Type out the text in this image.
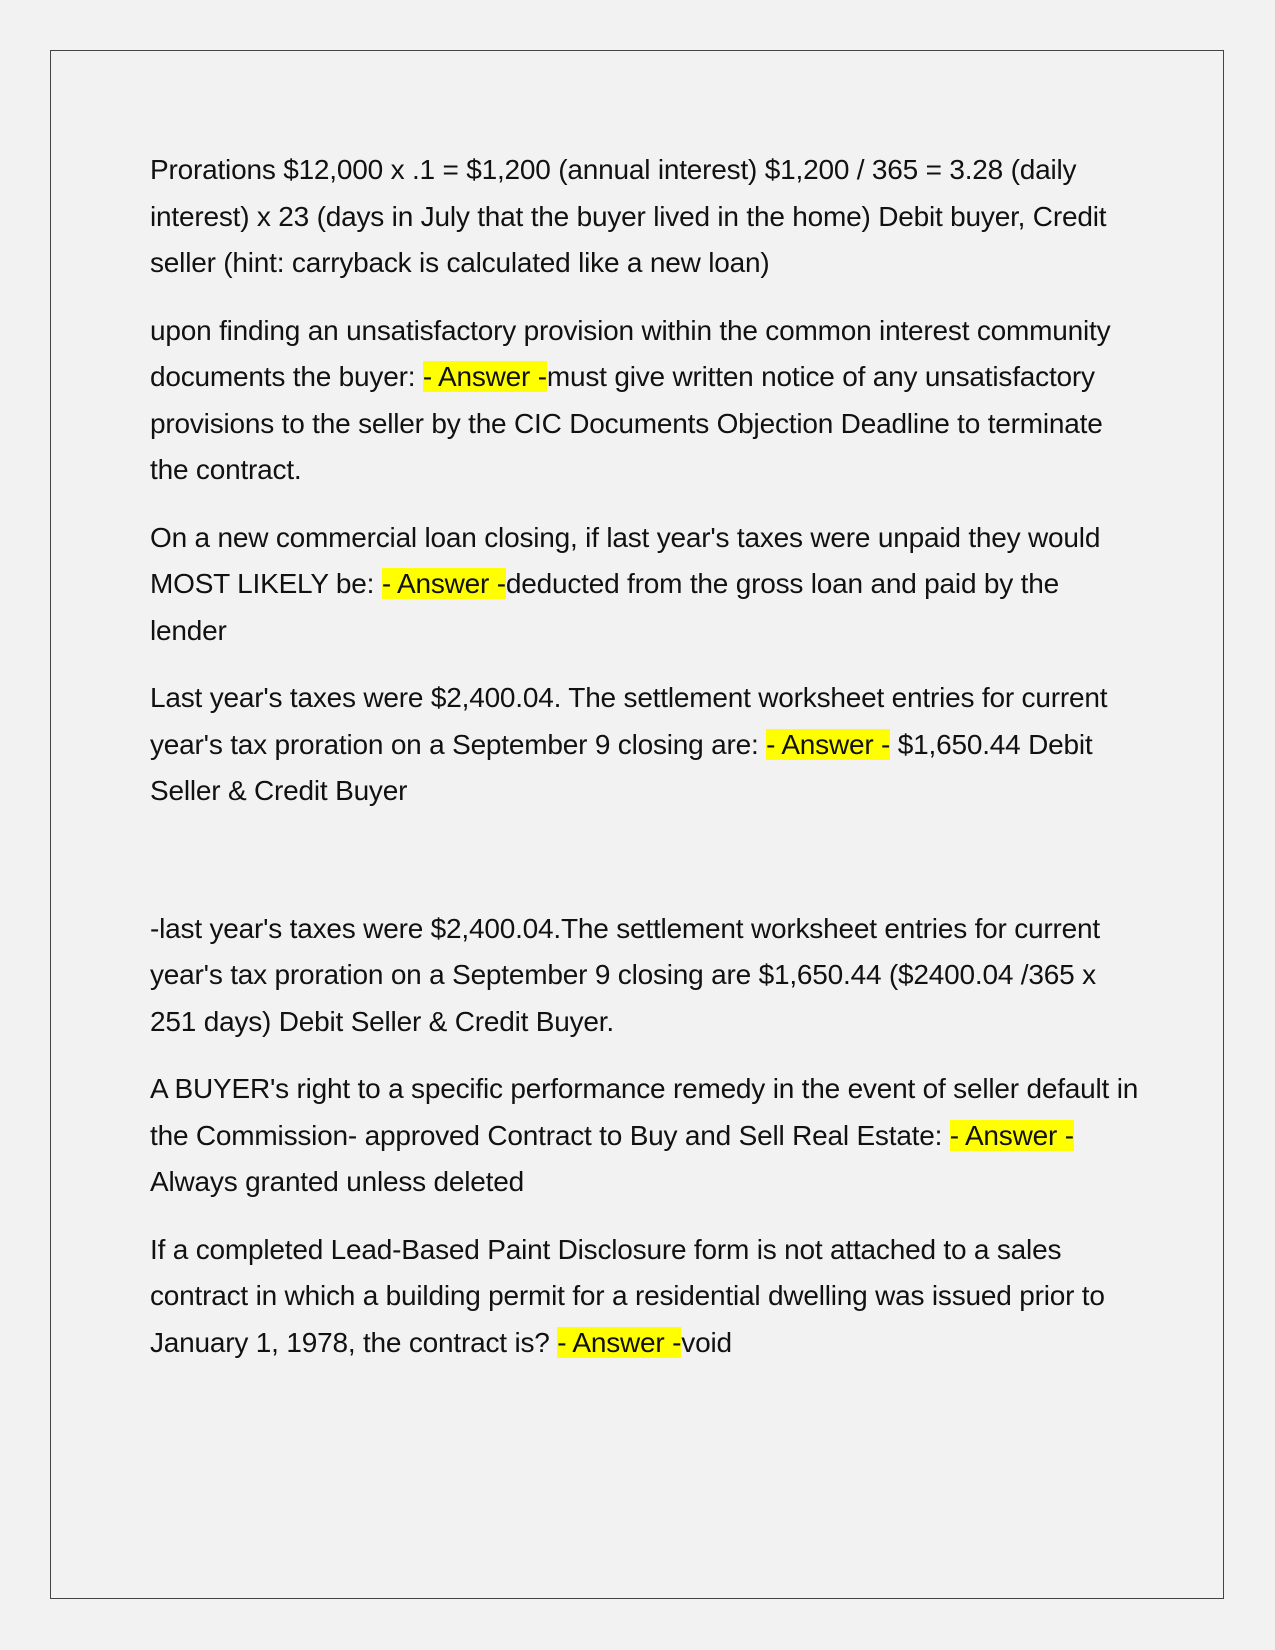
Prorations $12,000 x .1 = $1,200 (annual interest) $1,200 / 365 = 3.28 (daily interest) x 23 (days in July that the buyer lived in the home) Debit buyer, Credit seller (hint: carryback is calculated like a new loan)

upon finding an unsatisfactory provision within the common interest community documents the buyer: - Answer -must give written notice of any unsatisfactory provisions to the seller by the CIC Documents Objection Deadline to terminate the contract.

On a new commercial loan closing, if last year's taxes were unpaid they would MOST LIKELY be: - Answer -deducted from the gross loan and paid by the lender

Last year's taxes were $2,400.04. The settlement worksheet entries for current year's tax proration on a September 9 closing are: - Answer - $1,650.44 Debit Seller & Credit Buyer

-last year's taxes were $2,400.04.The settlement worksheet entries for current year's tax proration on a September 9 closing are $1,650.44 ($2400.04 /365 x 251 days) Debit Seller & Credit Buyer.

A BUYER's right to a specific performance remedy in the event of seller default in the Commission- approved Contract to Buy and Sell Real Estate: - Answer -Always granted unless deleted

If a completed Lead-Based Paint Disclosure form is not attached to a sales contract in which a building permit for a residential dwelling was issued prior to January 1, 1978, the contract is? - Answer -void
